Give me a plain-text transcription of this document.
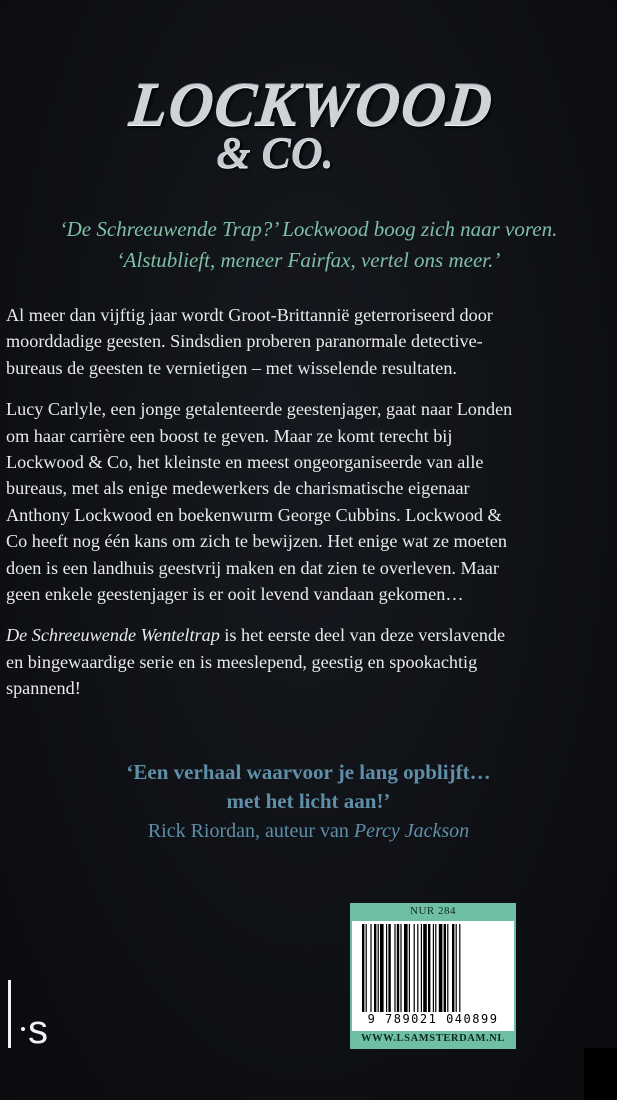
LOCKWOOD
& CO.
‘De Schreeuwende Trap?’ Lockwood boog zich naar voren.
‘Alstublieft, meneer Fairfax, vertel ons meer.’

Al meer dan vijftig jaar wordt Groot-Brittannië geterroriseerd door moorddadige geesten. Sindsdien proberen paranormale detective-bureaus de geesten te vernietigen – met wisselende resultaten.

Lucy Carlyle, een jonge getalenteerde geestenjager, gaat naar Londen om haar carrière een boost te geven. Maar ze komt terecht bij Lockwood & Co, het kleinste en meest ongeorganiseerde van alle bureaus, met als enige medewerkers de charismatische eigenaar Anthony Lockwood en boekenwurm George Cubbins. Lockwood & Co heeft nog één kans om zich te bewijzen. Het enige wat ze moeten doen is een landhuis geestvrij maken en dat zien te overleven. Maar geen enkele geestenjager is er ooit levend vandaan gekomen…

De Schreeuwende Wenteltrap is het eerste deel van deze verslavende en bingewaardige serie en is meeslepend, geestig en spookachtig spannend!

‘Een verhaal waarvoor je lang opblijft…
met het licht aan!’
Rick Riordan, auteur van Percy Jackson
NUR 284
9 789021 040899
WWW.LSAMSTERDAM.NL
s
